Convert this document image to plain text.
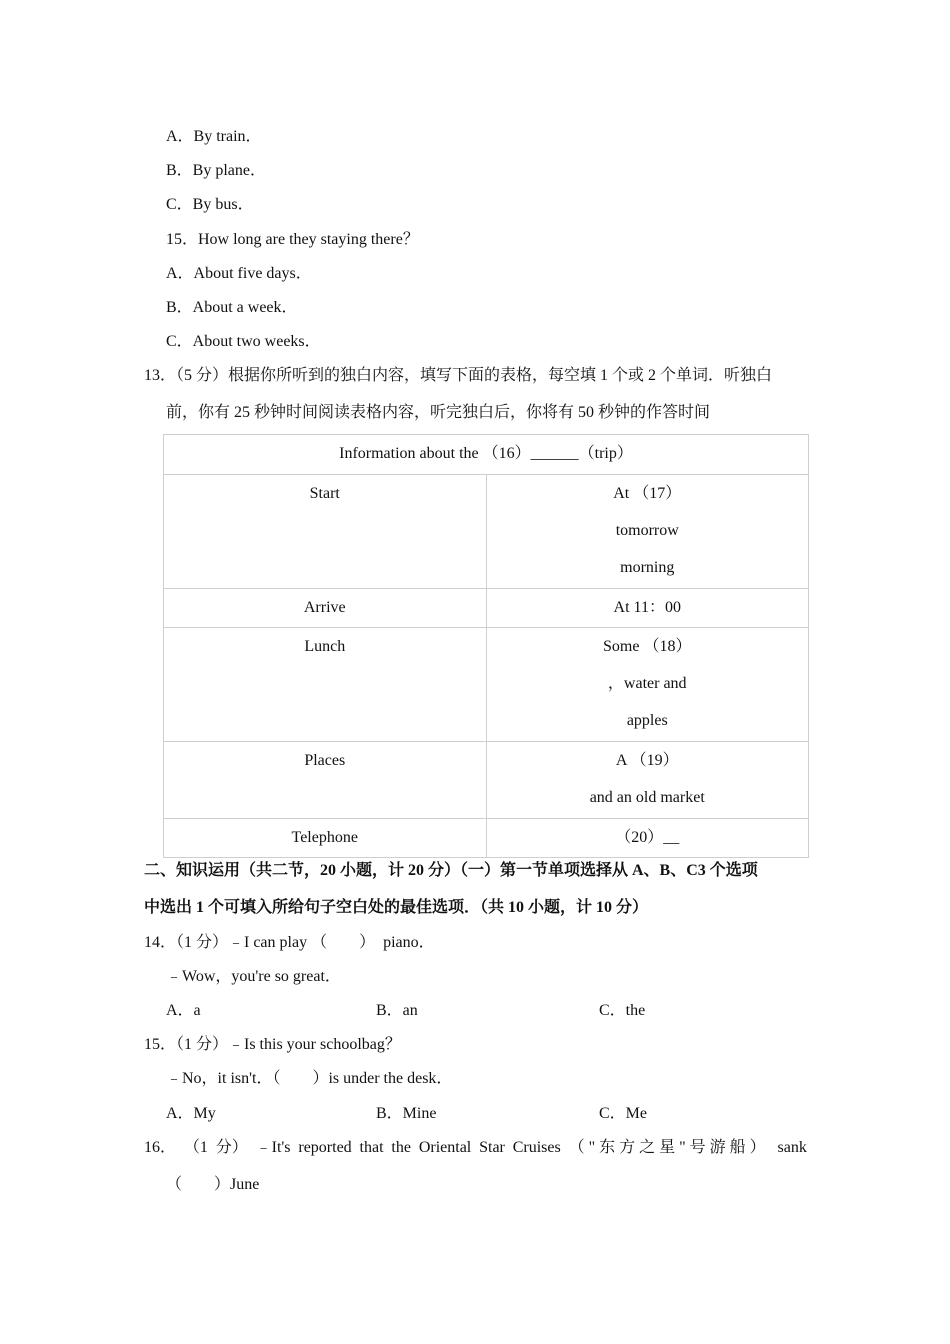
A．By train．
B．By plane．
C．By bus．
15．How long are they staying there？
A．About five days．
B．About a week．
C．About two weeks．
13．（5 分）根据你所听到的独白内容，填写下面的表格，每空填 1 个或 2 个单词．听独白
前，你有 25 秒钟时间阅读表格内容，听完独白后，你将有 50 秒钟的作答时间
Information about the （16）______（trip）	
Start	At （17）
tomorrow
morning

Arrive	At 11：00

Lunch	Some （18）
，water and
apples

Places	A （19）
and an old market

Telephone	（20）__
二、知识运用（共二节，20 小题，计 20 分）（一）第一节单项选择从 A、B、C3 个选项
中选出 1 个可填入所给句子空白处的最佳选项．（共 10 小题，计 10 分）
14．（1 分）﹣I can play （　　）  piano．
﹣Wow，you're so great．
A．a	B．an	C．the
15．（1 分）﹣Is this your schoolbag？
﹣No，it isn't．（　　）is under the desk．
A．My	B．Mine	C．Me
16． （1 分） ﹣It's reported that the Oriental Star Cruises （"东方之星"号游船） sank
（　　）June
